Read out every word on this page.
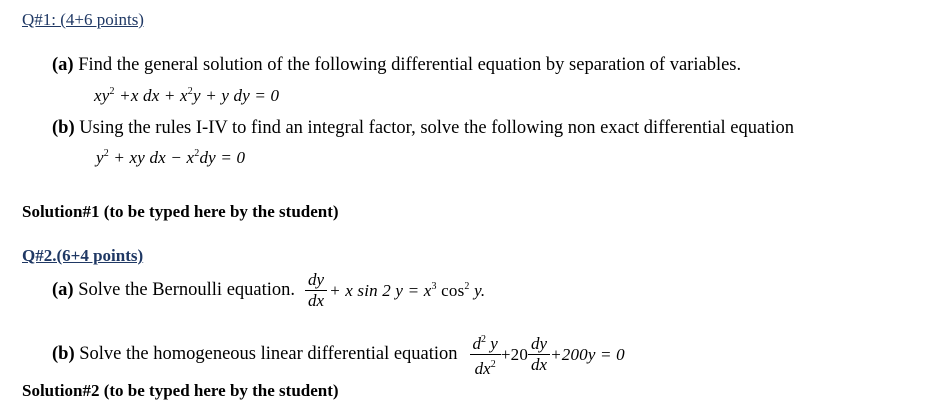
Q#1: (4+6 points)
(a) Find the general solution of the following differential equation by separation of variables.
$xy^2 +x$ dx + $x^2y + y$ dy = 0
(b) Using the rules I-IV to find an integral factor, solve the following non exact differential equation
$y^2$ + xy dx − $x^2dy = 0$
Solution#1 (to be typed here by the student)
Q#2.(6+4 points)
(a) Solve the Bernoulli equation. $\frac{dy}{dx} + x$ sin 2 $y = x^3$ $\cos^2 y$.
(b) Solve the homogeneous linear differential equation $\frac{d^2 y}{dx^2} +20 \frac{dy}{dx} +200y = 0$
Solution#2 (to be typed here by the student)
